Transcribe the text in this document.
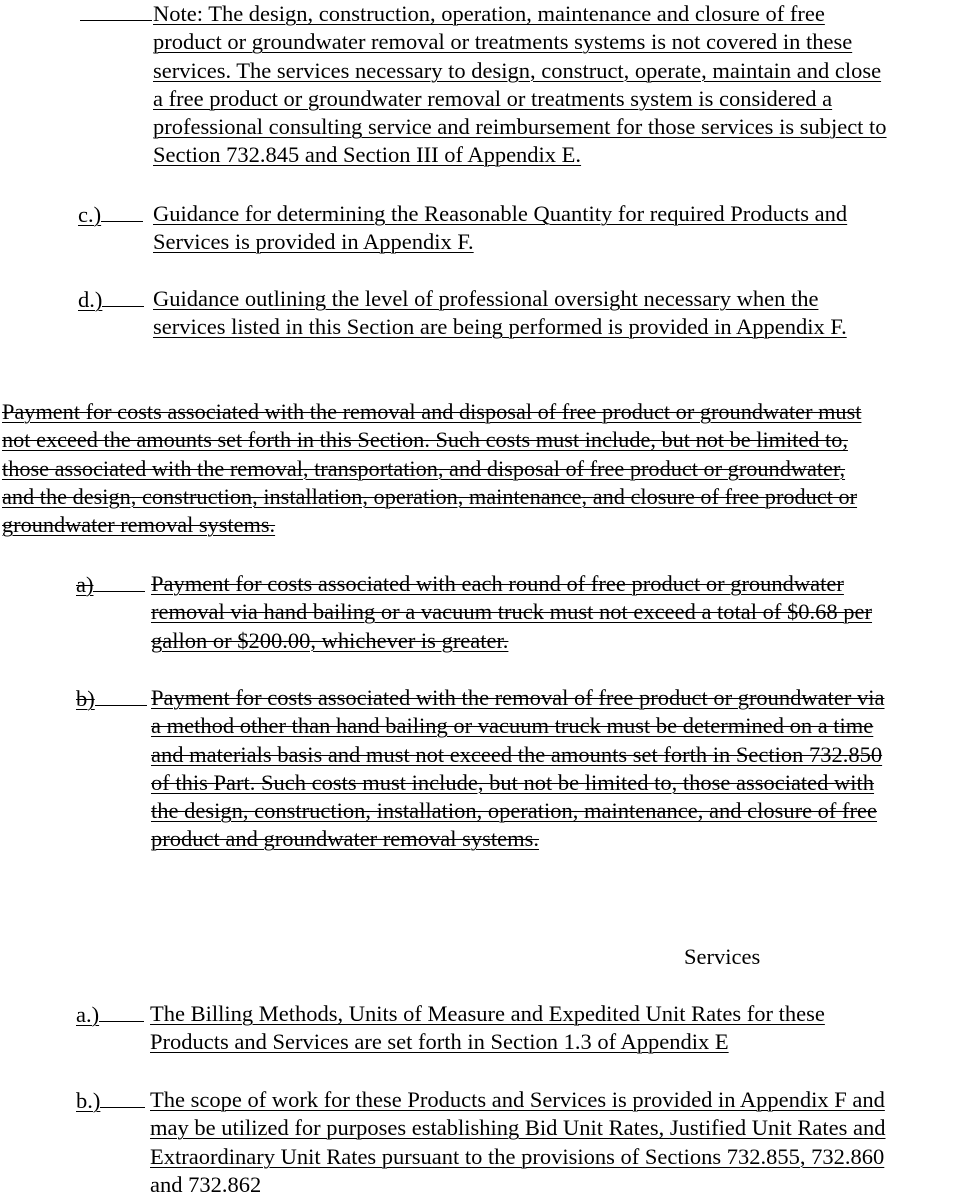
Note: The design, construction, operation, maintenance and closure of free
product or groundwater removal or treatments systems is not covered in these
services. The services necessary to design, construct, operate, maintain and close
a free product or groundwater removal or treatments system is considered a
professional consulting service and reimbursement for those services is subject to
Section 732.845 and Section III of Appendix E.
c.)	Guidance for determining the Reasonable Quantity for required Products and
Services is provided in Appendix F.
d.)	Guidance outlining the level of professional oversight necessary when the
services listed in this Section are being performed is provided in Appendix F.
Payment for costs associated with the removal and disposal of free product or groundwater must
not exceed the amounts set forth in this Section. Such costs must include, but not be limited to,
those associated with the removal, transportation, and disposal of free product or groundwater,
and the design, construction, installation, operation, maintenance, and closure of free product or
groundwater removal systems.
a)	Payment for costs associated with each round of free product or groundwater
removal via hand bailing or a vacuum truck must not exceed a total of $0.68 per
gallon or $200.00, whichever is greater.
b)	Payment for costs associated with the removal of free product or groundwater via
a method other than hand bailing or vacuum truck must be determined on a time
and materials basis and must not exceed the amounts set forth in Section 732.850
of this Part. Such costs must include, but not be limited to, those associated with
the design, construction, installation, operation, maintenance, and closure of free
product and groundwater removal systems.
Services
a.)	The Billing Methods, Units of Measure and Expedited Unit Rates for these
Products and Services are set forth in Section 1.3 of Appendix E
b.)	The scope of work for these Products and Services is provided in Appendix F and
may be utilized for purposes establishing Bid Unit Rates, Justified Unit Rates and
Extraordinary Unit Rates pursuant to the provisions of Sections 732.855, 732.860
and 732.862
